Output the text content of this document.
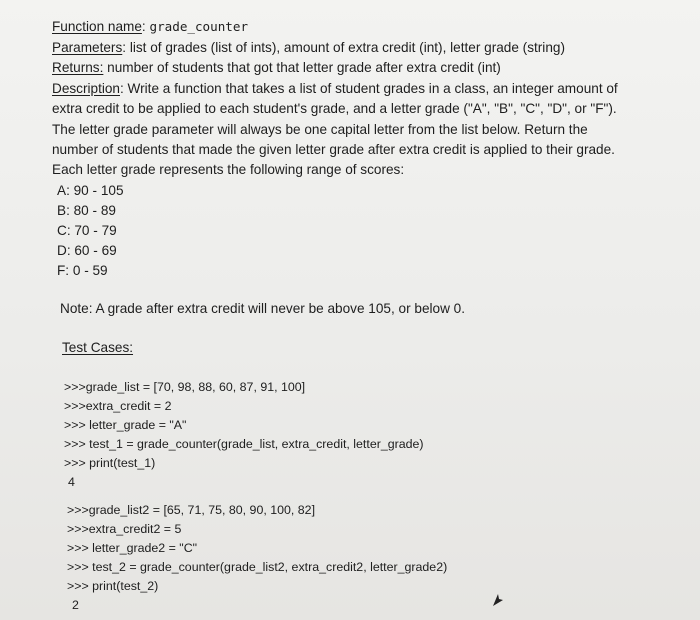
Function name: grade_counter
Parameters: list of grades (list of ints), amount of extra credit (int), letter grade (string)
Returns: number of students that got that letter grade after extra credit (int)
Description: Write a function that takes a list of student grades in a class, an integer amount of
extra credit to be applied to each student's grade, and a letter grade ("A", "B", "C", "D", or "F").
The letter grade parameter will always be one capital letter from the list below. Return the
number of students that made the given letter grade after extra credit is applied to their grade.
Each letter grade represents the following range of scores:
A: 90 - 105
B: 80 - 89
C: 70 - 79
D: 60 - 69
F: 0 - 59
Note: A grade after extra credit will never be above 105, or below 0.
Test Cases:
>>>grade_list = [70, 98, 88, 60, 87, 91, 100]
>>>extra_credit = 2
>>> letter_grade = "A"
>>> test_1 = grade_counter(grade_list, extra_credit, letter_grade)
>>> print(test_1)
4
>>>grade_list2 = [65, 71, 75, 80, 90, 100, 82]
>>>extra_credit2 = 5
>>> letter_grade2 = "C"
>>> test_2 = grade_counter(grade_list2, extra_credit2, letter_grade2)
>>> print(test_2)
2
